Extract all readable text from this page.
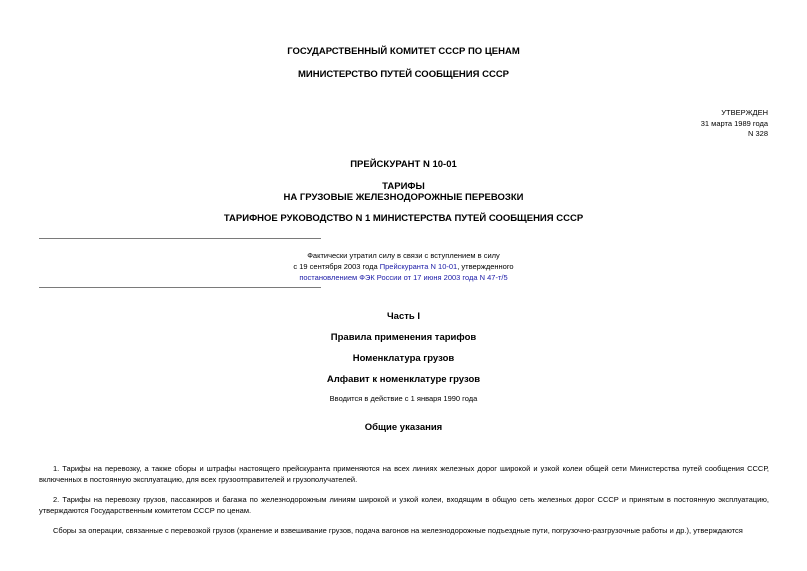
ГОСУДАРСТВЕННЫЙ КОМИТЕТ СССР ПО ЦЕНАМ
МИНИСТЕРСТВО ПУТЕЙ СООБЩЕНИЯ СССР
УТВЕРЖДЕН
31 марта 1989 года
N 328
ПРЕЙСКУРАНТ N 10-01
ТАРИФЫ
НА ГРУЗОВЫЕ ЖЕЛЕЗНОДОРОЖНЫЕ ПЕРЕВОЗКИ
ТАРИФНОЕ РУКОВОДСТВО N 1 МИНИСТЕРСТВА ПУТЕЙ СООБЩЕНИЯ СССР
Фактически утратил силу в связи с вступлением в силу
с 19 сентября 2003 года Прейскуранта N 10-01, утвержденного
постановлением ФЭК России от 17 июня 2003 года N 47-т/5
Часть I
Правила применения тарифов
Номенклатура грузов
Алфавит к номенклатуре грузов
Вводится в действие с 1 января 1990 года
Общие указания
1. Тарифы на перевозку, а также сборы и штрафы настоящего прейскуранта применяются на всех линиях железных дорог широкой и узкой колеи общей сети Министерства путей сообщения СССР, включенных в постоянную эксплуатацию, для всех грузоотправителей и грузополучателей.
2. Тарифы на перевозку грузов, пассажиров и багажа по железнодорожным линиям широкой и узкой колеи, входящим в общую сеть железных дорог СССР и принятым в постоянную эксплуатацию, утверждаются Государственным комитетом СССР по ценам.
Сборы за операции, связанные с перевозкой грузов (хранение и взвешивание грузов, подача вагонов на железнодорожные подъездные пути, погрузочно-разгрузочные работы и др.), утверждаются
